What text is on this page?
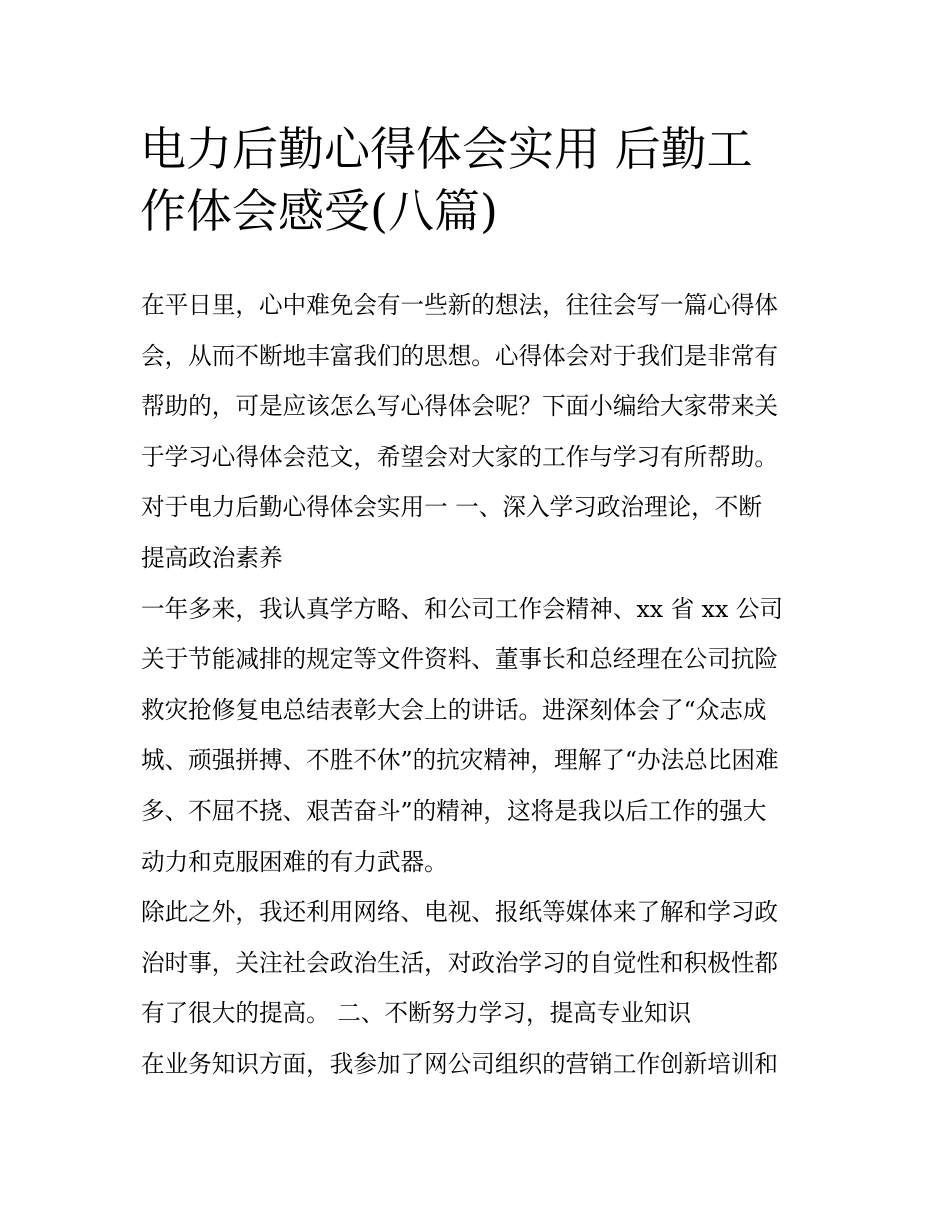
电力后勤心得体会实用 后勤工
作体会感受(八篇)
在平日里，心中难免会有一些新的想法，往往会写一篇心得体
会，从而不断地丰富我们的思想。心得体会对于我们是非常有
帮助的，可是应该怎么写心得体会呢？下面小编给大家带来关
于学习心得体会范文，希望会对大家的工作与学习有所帮助。
对于电力后勤心得体会实用一 一、深入学习政治理论，不断
提高政治素养
一年多来，我认真学方略、和公司工作会精神、xx 省 xx 公司
关于节能减排的规定等文件资料、董事长和总经理在公司抗险
救灾抢修复电总结表彰大会上的讲话。进深刻体会了“众志成
城、顽强拼搏、不胜不休”的抗灾精神，理解了“办法总比困难
多、不屈不挠、艰苦奋斗”的精神，这将是我以后工作的强大
动力和克服困难的有力武器。
除此之外，我还利用网络、电视、报纸等媒体来了解和学习政
治时事，关注社会政治生活，对政治学习的自觉性和积极性都
有了很大的提高。 二、不断努力学习，提高专业知识
在业务知识方面，我参加了网公司组织的营销工作创新培训和
